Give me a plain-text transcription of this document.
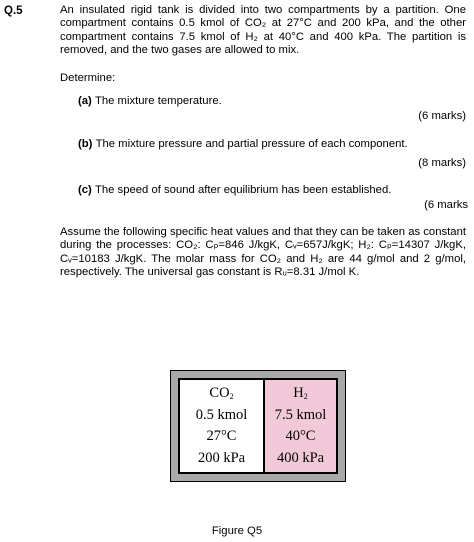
Q.5	An insulated rigid tank is divided into two compartments by a partition. One compartment contains 0.5 kmol of CO₂ at 27°C and 200 kPa, and the other compartment contains 7.5 kmol of H₂ at 40°C and 400 kPa. The partition is removed, and the two gases are allowed to mix.
Determine:
(a) The mixture temperature.
(6 marks)
(b) The mixture pressure and partial pressure of each component.
(8 marks)
(c) The speed of sound after equilibrium has been established.
(6 marks
Assume the following specific heat values and that they can be taken as constant during the processes: CO₂: Cₚ=846 J/kgK, Cᵥ=657J/kgK; H₂: Cₚ=14307 J/kgK, Cᵥ=10183 J/kgK. The molar mass for CO₂ and H₂ are 44 g/mol and 2 g/mol, respectively. The universal gas constant is Rᵤ=8.31 J/mol K.
$CO_2$
0.5 kmol
27°C
200 kPa
$H_2$
7.5 kmol
40°C
400 kPa
Figure Q5
